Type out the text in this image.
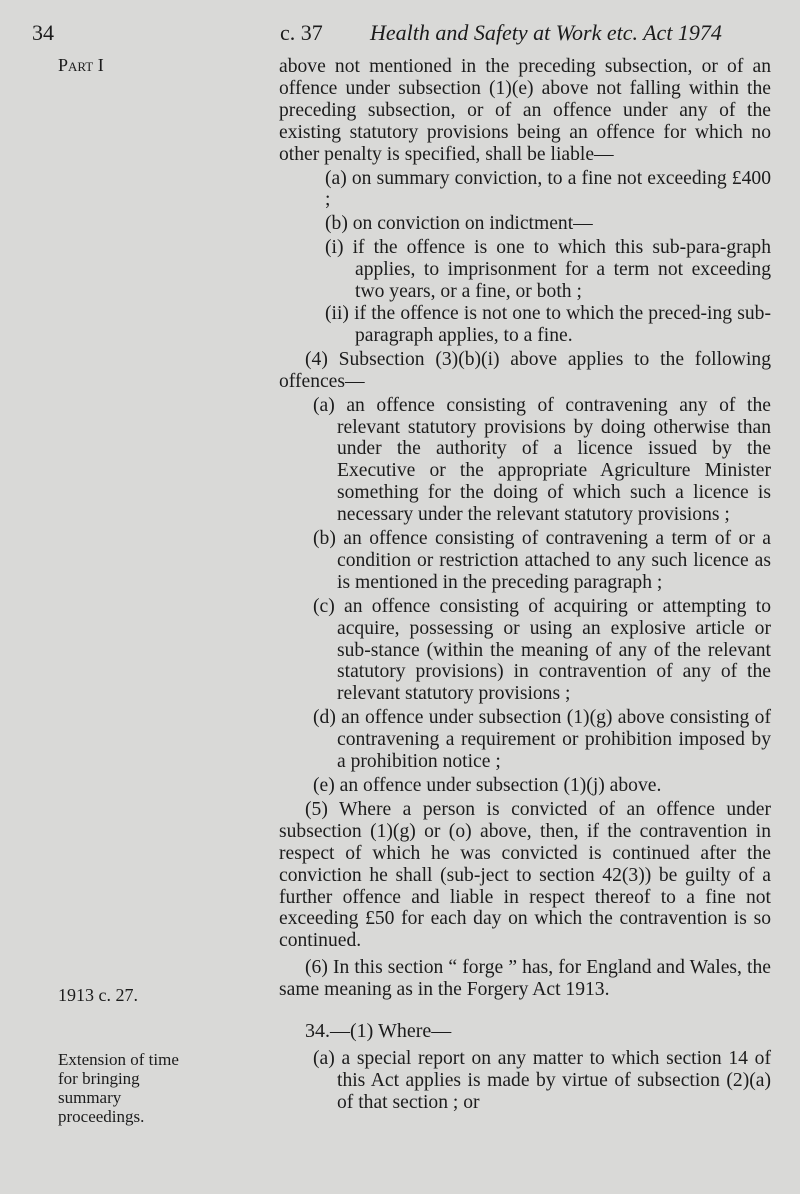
34	c. 37 Health and Safety at Work etc. Act 1974
Part I
1913 c. 27.
Extension of time for bringing summary proceedings.

above not mentioned in the preceding subsection, or of an offence under subsection (1)(e) above not falling within the preceding subsection, or of an offence under any of the existing statutory provisions being an offence for which no other penalty is specified, shall be liable—

(a) on summary conviction, to a fine not exceeding £400 ;

(b) on conviction on indictment—

(i) if the offence is one to which this sub-para-graph applies, to imprisonment for a term not exceeding two years, or a fine, or both ;

(ii) if the offence is not one to which the preced-ing sub-paragraph applies, to a fine.

(4) Subsection (3)(b)(i) above applies to the following offences—

(a) an offence consisting of contravening any of the relevant statutory provisions by doing otherwise than under the authority of a licence issued by the Executive or the appropriate Agriculture Minister something for the doing of which such a licence is necessary under the relevant statutory provisions ;

(b) an offence consisting of contravening a term of or a condition or restriction attached to any such licence as is mentioned in the preceding paragraph ;

(c) an offence consisting of acquiring or attempting to acquire, possessing or using an explosive article or sub-stance (within the meaning of any of the relevant statutory provisions) in contravention of any of the relevant statutory provisions ;

(d) an offence under subsection (1)(g) above consisting of contravening a requirement or prohibition imposed by a prohibition notice ;

(e) an offence under subsection (1)(j) above.

(5) Where a person is convicted of an offence under subsection (1)(g) or (o) above, then, if the contravention in respect of which he was convicted is continued after the conviction he shall (sub-ject to section 42(3)) be guilty of a further offence and liable in respect thereof to a fine not exceeding £50 for each day on which the contravention is so continued.

(6) In this section “ forge ” has, for England and Wales, the same meaning as in the Forgery Act 1913.

34.—(1) Where—

(a) a special report on any matter to which section 14 of this Act applies is made by virtue of subsection (2)(a) of that section ; or
